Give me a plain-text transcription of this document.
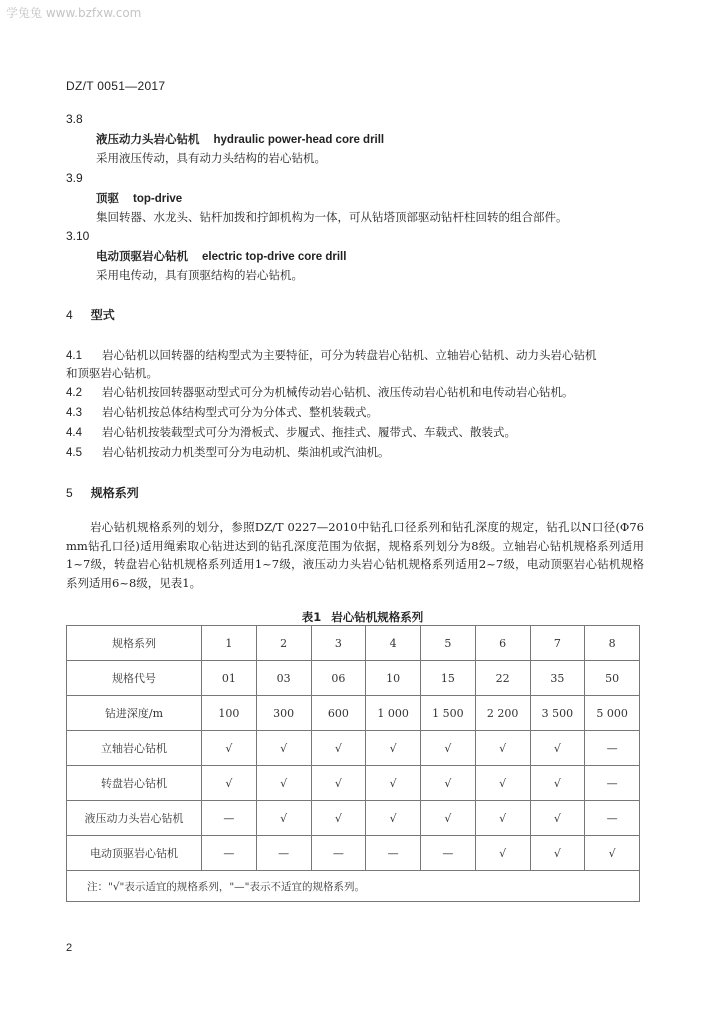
学兔兔 www.bzfxw.com
DZ/T 0051—2017
3.8
液压动力头岩心钻机 hydraulic power-head core drill
采用液压传动，具有动力头结构的岩心钻机。
3.9
顶驱 top-drive
集回转器、水龙头、钻杆加拨和拧卸机构为一体，可从钻塔顶部驱动钻杆柱回转的组合部件。
3.10
电动顶驱岩心钻机 electric top-drive core drill
采用电传动，具有顶驱结构的岩心钻机。
4 型式
4.1 岩心钻机以回转器的结构型式为主要特征，可分为转盘岩心钻机、立轴岩心钻机、动力头岩心钻机
和顶驱岩心钻机。
4.2 岩心钻机按回转器驱动型式可分为机械传动岩心钻机、液压传动岩心钻机和电传动岩心钻机。
4.3 岩心钻机按总体结构型式可分为分体式、整机装载式。
4.4 岩心钻机按装载型式可分为滑板式、步履式、拖挂式、履带式、车载式、散装式。
4.5 岩心钻机按动力机类型可分为电动机、柴油机或汽油机。
5 规格系列
岩心钻机规格系列的划分，参照DZ/T 0227—2010中钻孔口径系列和钻孔深度的规定，钻孔以N口径(Φ76 mm钻孔口径)适用绳索取心钻进达到的钻孔深度范围为依据，规格系列划分为8级。立轴岩心钻机规格系列适用1~7级，转盘岩心钻机规格系列适用1~7级，液压动力头岩心钻机规格系列适用2~7级，电动顶驱岩心钻机规格系列适用6~8级，见表1。
表1 岩心钻机规格系列
规格系列	1	2	3	4	5	6	7	8
规格代号	01	03	06	10	15	22	35	50
钻进深度/m	100	300	600	1 000	1 500	2 200	3 500	5 000
立轴岩心钻机	√	√	√	√	√	√	√	—
转盘岩心钻机	√	√	√	√	√	√	√	—
液压动力头岩心钻机	—	√	√	√	√	√	√	—
电动顶驱岩心钻机	—	—	—	—	—	√	√	√
注："√"表示适宜的规格系列，"—"表示不适宜的规格系列。								
2
